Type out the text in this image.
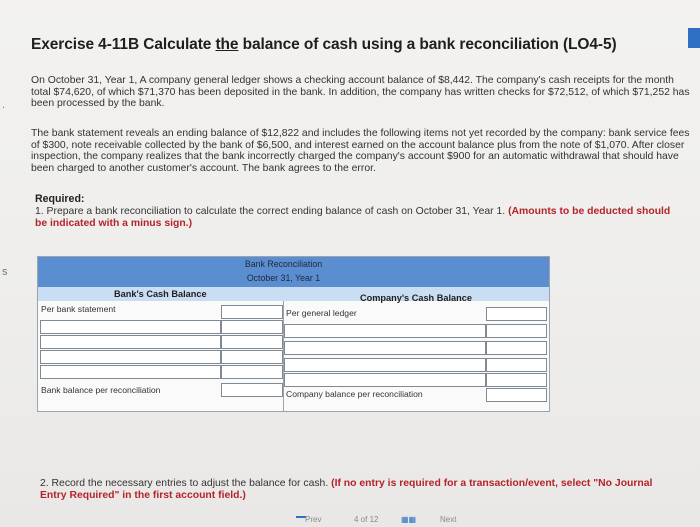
.
s
Exercise 4-11B Calculate the balance of cash using a bank reconciliation (LO4-5)

On October 31, Year 1, A company general ledger shows a checking account balance of $8,442. The company's cash receipts for the month total $74,620, of which $71,370 has been deposited in the bank. In addition, the company has written checks for $72,512, of which $71,252 has been processed by the bank.

The bank statement reveals an ending balance of $12,822 and includes the following items not yet recorded by the company: bank service fees of $300, note receivable collected by the bank of $6,500, and interest earned on the account balance plus from the note of $1,070. After closer inspection, the company realizes that the bank incorrectly charged the company's account $900 for an automatic withdrawal that should have been charged to another customer's account. The bank agrees to the error.

Required:
1. Prepare a bank reconciliation to calculate the correct ending balance of cash on October 31, Year 1. (Amounts to be deducted should be indicated with a minus sign.)
Bank Reconciliation
October 31, Year 1
Bank's Cash Balance	Company's Cash Balance
Per bank statement	Per general ledger
Bank balance per reconciliation	Company balance per reconciliation
2. Record the necessary entries to adjust the balance for cash. (If no entry is required for a transaction/event, select "No Journal Entry Required" in the first account field.)
Prev	4 of 12	▦▦	Next
